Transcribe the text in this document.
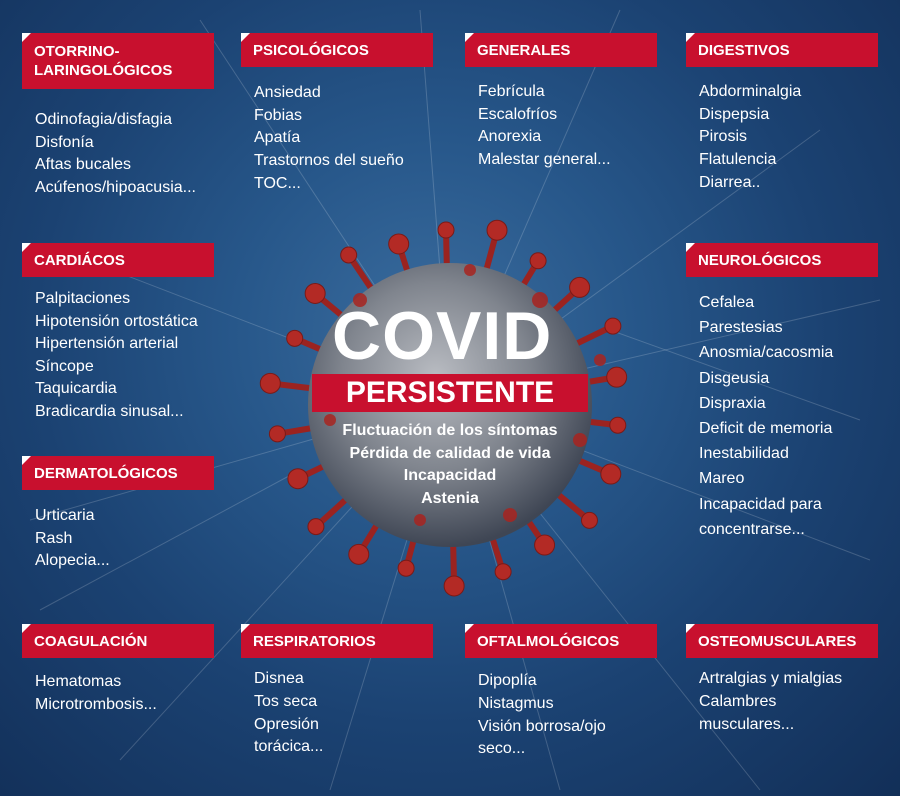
OTORRINO-
LARINGOLÓGICOS
Odinofagia/disfagia
Disfonía
Aftas bucales
Acúfenos/hipoacusia...
PSICOLÓGICOS
Ansiedad
Fobias
Apatía
Trastornos del sueño
TOC...
GENERALES
Febrícula
Escalofríos
Anorexia
Malestar general...
DIGESTIVOS
Abdorminalgia
Dispepsia
Pirosis
Flatulencia
Diarrea..
CARDIÁCOS
Palpitaciones
Hipotensión ortostática
Hipertensión arterial
Síncope
Taquicardia
Bradicardia sinusal...
NEUROLÓGICOS
Cefalea
Parestesias
Anosmia/cacosmia
Disgeusia
Dispraxia
Deficit de memoria
Inestabilidad
Mareo
Incapacidad para concentrarse...
DERMATOLÓGICOS
Urticaria
Rash
Alopecia...
COAGULACIÓN
Hematomas
Microtrombosis...
RESPIRATORIOS
Disnea
Tos seca
Opresión torácica...
OFTALMOLÓGICOS
Dipoplía
Nistagmus
Visión borrosa/ojo seco...
OSTEOMUSCULARES
Artralgias y mialgias
Calambres musculares...
COVID
PERSISTENTE
Fluctuación de los síntomas
Pérdida de calidad de vida
Incapacidad
Astenia
